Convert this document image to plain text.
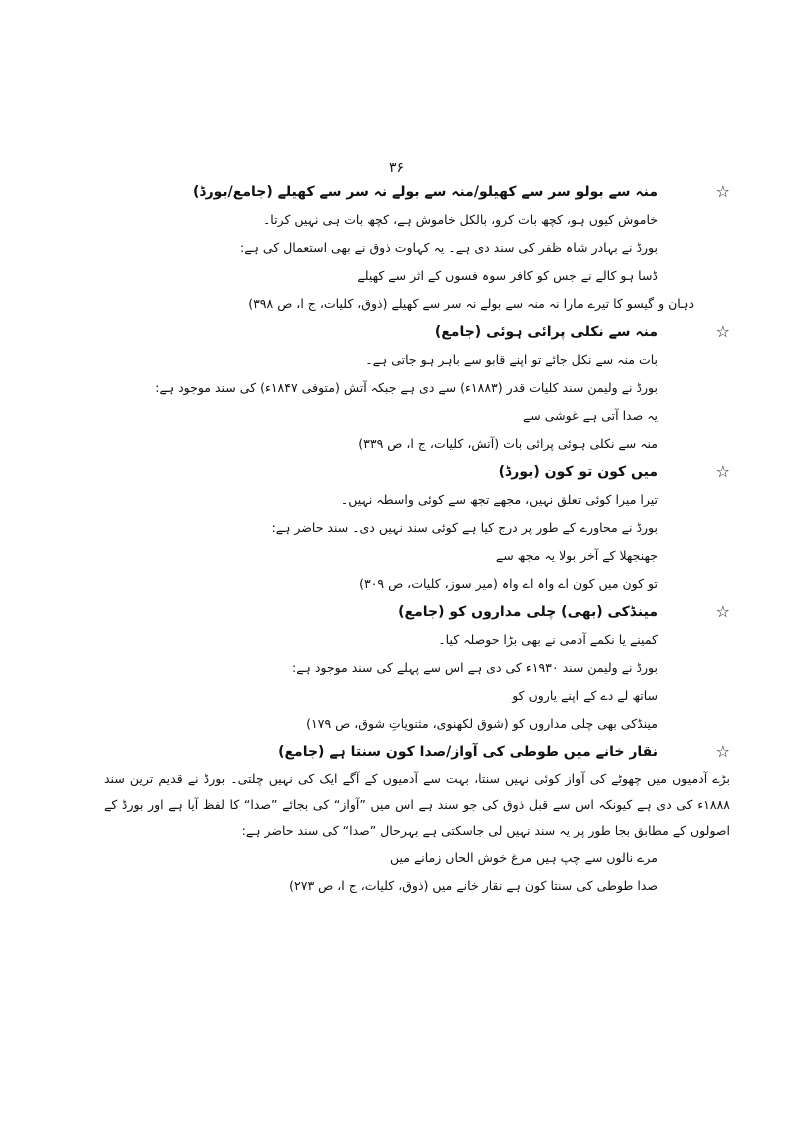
۳۶
☆
منہ سے بولو سر سے کھیلو/منہ سے بولے نہ سر سے کھیلے (جامع/بورڈ)
خاموش کیوں ہو، کچھ بات کرو، بالکل خاموش ہے، کچھ بات ہی نہیں کرتا۔
بورڈ نے بہادر شاہ ظفر کی سند دی ہے۔ یہ کہاوت ذوق نے بھی استعمال کی ہے:
ڈسا ہو کالے نے جس کو کافر سوہ فسوں کے اثر سے کھیلے
دہان و گیسو کا تیرے مارا نہ منہ سے بولے نہ سر سے کھیلے (ذوق، کلیات، ج ا، ص ۳۹۸)
☆
منہ سے نکلی پرائی ہوئی (جامع)
بات منہ سے نکل جائے تو اپنے قابو سے باہر ہو جاتی ہے۔
بورڈ نے ولیمن سند کلیات قدر (۱۸۸۳ء) سے دی ہے جبکہ آتش (متوفی ۱۸۴۷ء) کی سند موجود ہے:
یہ صدا آتی ہے غوشی سے
منہ سے نکلی ہوئی پرائی بات (آتش، کلیات، ج ا، ص ۳۳۹)
☆
میں کون تو کون (بورڈ)
تیرا میرا کوئی تعلق نہیں، مجھے تجھ سے کوئی واسطہ نہیں۔
بورڈ نے محاورے کے طور پر درج کیا ہے کوئی سند نہیں دی۔ سند حاضر ہے:
جھنجھلا کے آخر بولا یہ مجھ سے
تو کون میں کون اے واہ اے واہ (میر سوز، کلیات، ص ۳۰۹)
☆
مینڈکی (بھی) چلی مداروں کو (جامع)
کمینے یا نکمے آدمی نے بھی بڑا حوصلہ کیا۔
بورڈ نے ولیمن سند ۱۹۳۰ء کی دی ہے اس سے پہلے کی سند موجود ہے:
ساتھ لے دے کے اپنے یاروں کو
مینڈکی بھی چلی مداروں کو (شوق لکھنوی، مثنویاتِ شوق، ص ۱۷۹)
☆
نقار خانے میں طوطی کی آواز/صدا کون سنتا ہے (جامع)
بڑے آدمیوں میں چھوٹے کی آواز کوئی نہیں سنتا، بہت سے آدمیوں کے آگے ایک کی نہیں چلتی۔ بورڈ نے قدیم ترین سند ۱۸۸۸ء کی دی ہے کیونکہ اس سے قبل ذوق کی جو سند ہے اس میں ”آواز“ کی بجائے ”صدا“ کا لفظ آیا ہے اور بورڈ کے اصولوں کے مطابق بجا طور پر یہ سند نہیں لی جاسکتی ہے بہرحال ”صدا“ کی سند حاضر ہے:
مرے نالوں سے چپ ہیں مرغ خوش الحاں زمانے میں
صدا طوطی کی سنتا کون ہے نقار خانے میں (ذوق، کلیات، ج ا، ص ۲۷۳)
